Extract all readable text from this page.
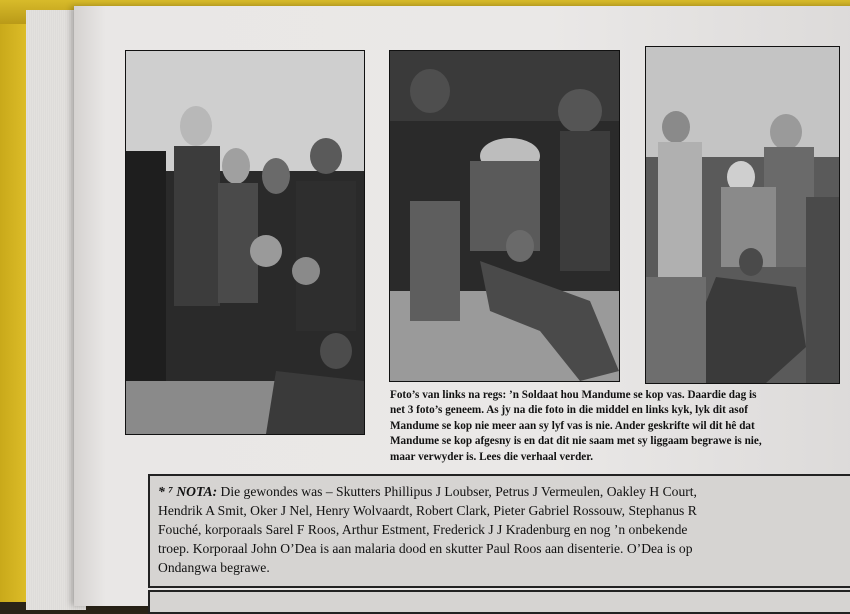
Foto’s van links na regs: ’n Soldaat hou Mandume se kop vas. Daardie dag is
net 3 foto’s geneem. As jy na die foto in die middel en links kyk, lyk dit asof
Mandume se kop nie meer aan sy lyf vas is nie. Ander geskrifte wil dit hê dat
Mandume se kop afgesny is en dat dit nie saam met sy liggaam begrawe is nie,
maar verwyder is. Lees die verhaal verder.
* ⁷ NOTA: Die gewondes was – Skutters Phillipus J Loubser, Petrus J Vermeulen, Oakley H Court,
Hendrik A Smit, Oker J Nel, Henry Wolvaardt, Robert Clark, Pieter Gabriel Rossouw, Stephanus R
Fouché, korporaals Sarel F Roos, Arthur Estment, Frederick J J Kradenburg en nog ’n onbekende
troep. Korporaal John O’Dea is aan malaria dood en skutter Paul Roos aan disenterie. O’Dea is op
Ondangwa begrawe.
